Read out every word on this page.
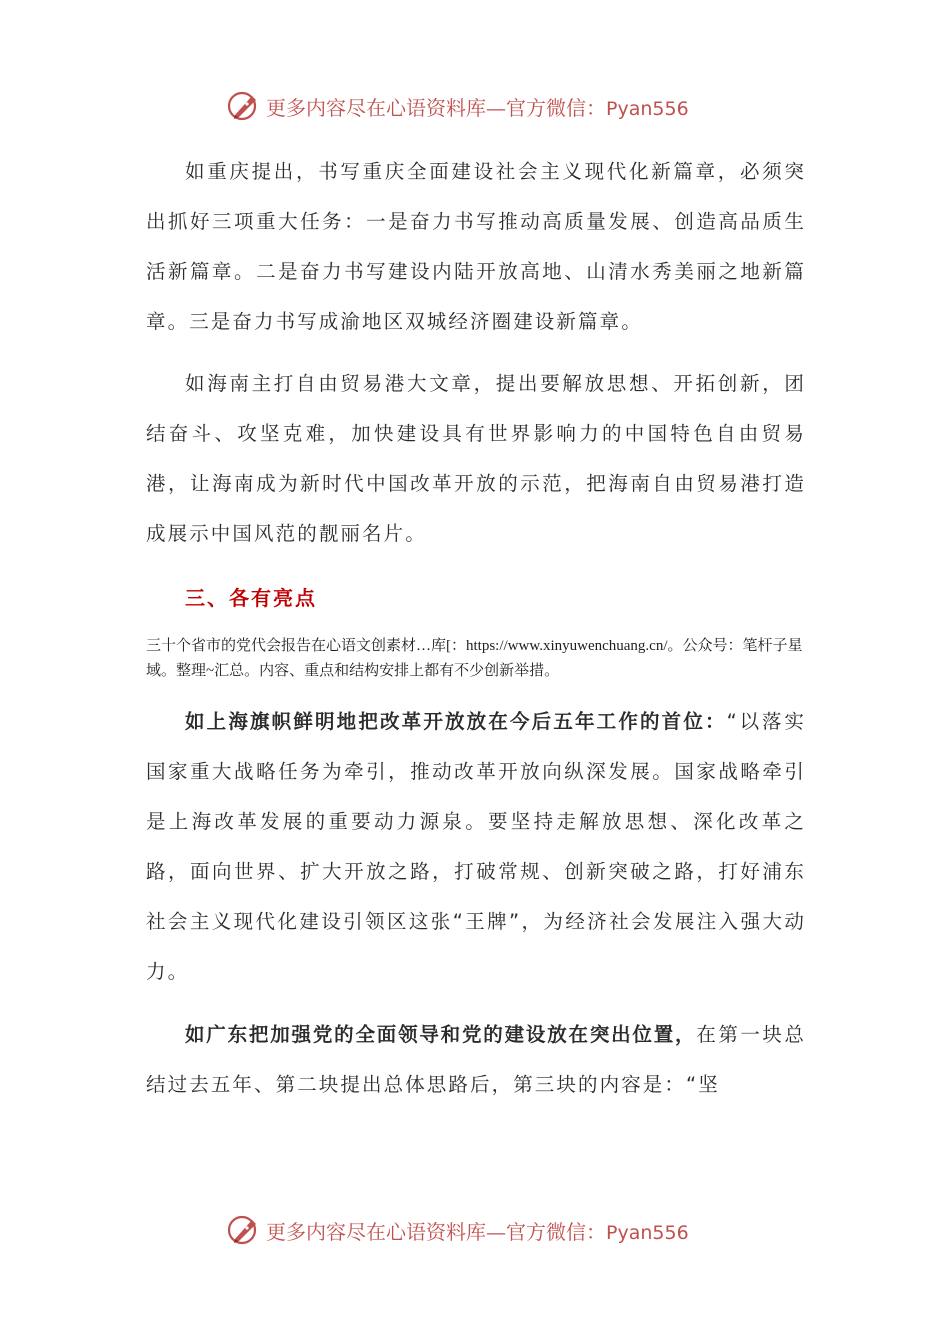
更多内容尽在心语资料库—官方微信：Pyan556

如重庆提出，书写重庆全面建设社会主义现代化新篇章，必须突出抓好三项重大任务：一是奋力书写推动高质量发展、创造高品质生活新篇章。二是奋力书写建设内陆开放高地、山清水秀美丽之地新篇章。三是奋力书写成渝地区双城经济圈建设新篇章。

如海南主打自由贸易港大文章，提出要解放思想、开拓创新，团结奋斗、攻坚克难，加快建设具有世界影响力的中国特色自由贸易港，让海南成为新时代中国改革开放的示范，把海南自由贸易港打造成展示中国风范的靓丽名片。

三、各有亮点

三十个省市的党代会报告在心语文创素材…库[：https://www.xinyuwenchuang.cn/。公众号：笔杆子星域。整理~汇总。内容、重点和结构安排上都有不少创新举措。

如上海旗帜鲜明地把改革开放放在今后五年工作的首位：“以落实国家重大战略任务为牵引，推动改革开放向纵深发展。国家战略牵引是上海改革发展的重要动力源泉。要坚持走解放思想、深化改革之路，面向世界、扩大开放之路，打破常规、创新突破之路，打好浦东社会主义现代化建设引领区这张“王牌”，为经济社会发展注入强大动力。

如广东把加强党的全面领导和党的建设放在突出位置，在第一块总结过去五年、第二块提出总体思路后，第三块的内容是：“坚

更多内容尽在心语资料库—官方微信：Pyan556
